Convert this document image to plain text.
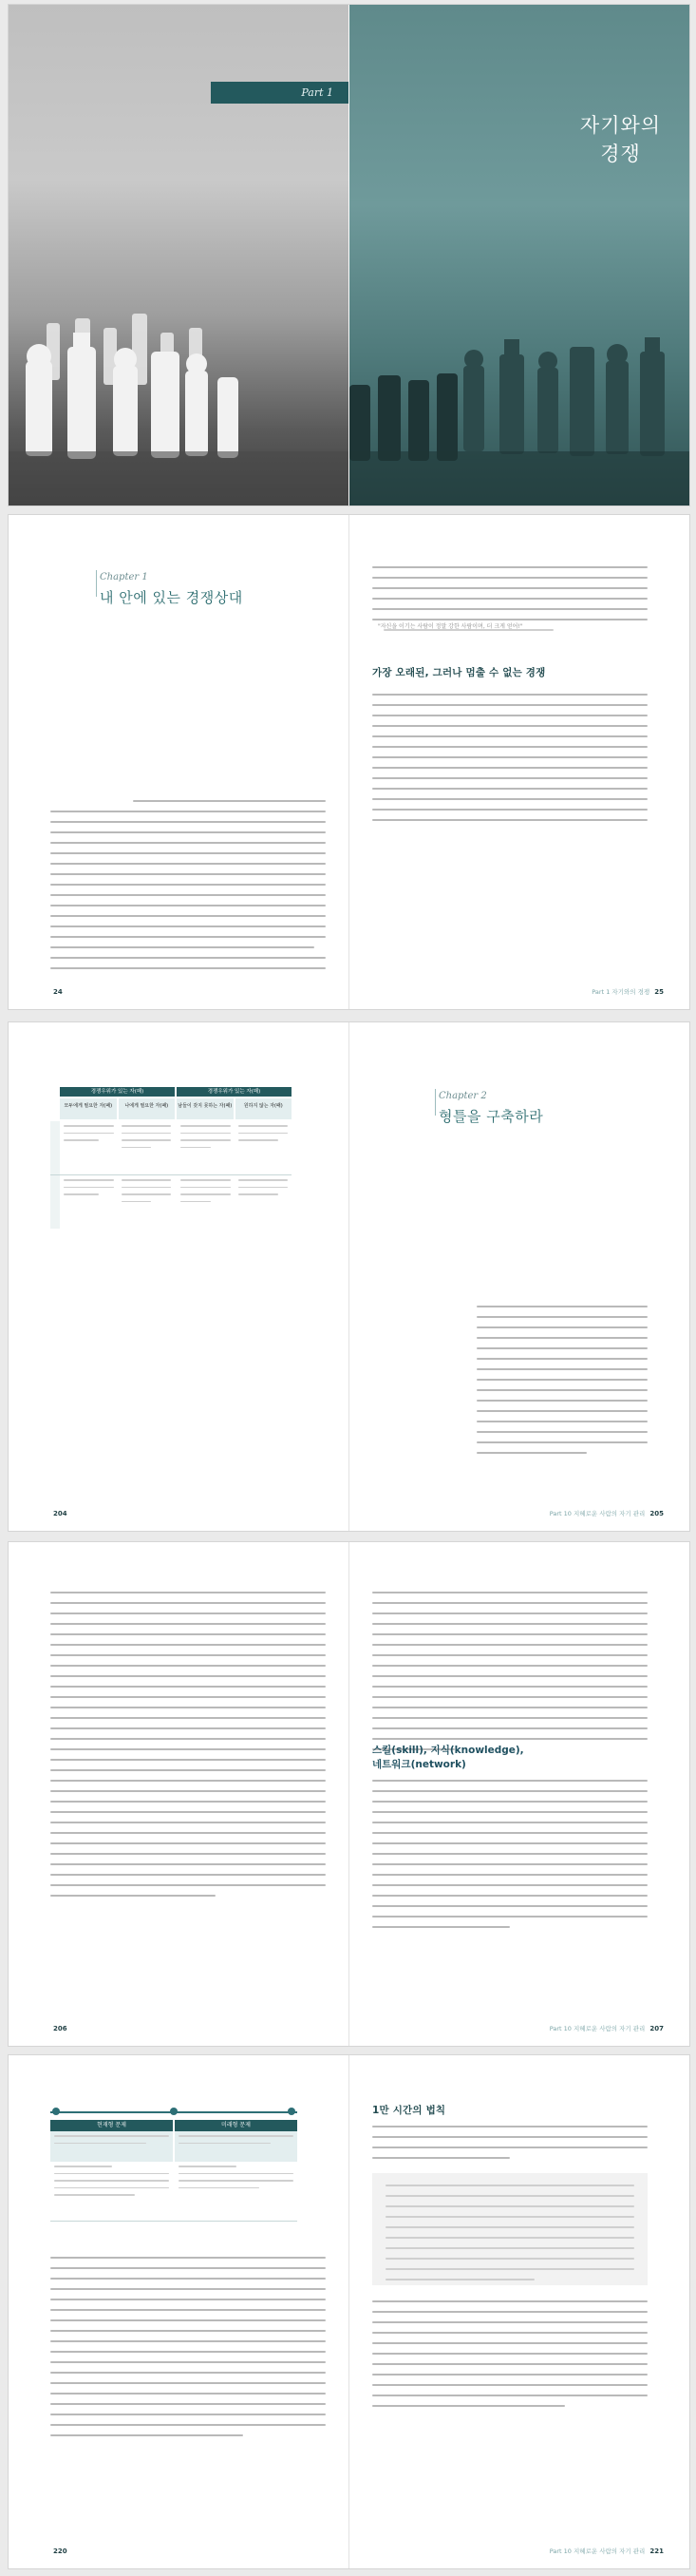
Part 1
자기와의
경쟁
Chapter 1
내 안에 있는 경쟁상대
24
"자신을 이기는 사람이 정말 강한 사람이며, 더 크게 얻어!"
가장 오래된, 그러나 멈출 수 없는 경쟁
Part 1 자기와의 경쟁 25
경쟁우위가 있는 자(패)	경쟁우위가 있는 자(패)
모두에게 필요한 자(패)	나에게 필요한 자(패)	남들이 갖지 못하는 자(패)	원하지 않는 자(패)
204
Chapter 2
형틀을 구축하라
Part 10 지혜로운 사람의 자기 관리 205
206
스킬(skill), 지식(knowledge),
네트워크(network)
Part 10 지혜로운 사람의 자기 관리 207
현재형 문제	미래형 문제
220
1만 시간의 법칙
Part 10 지혜로운 사람의 자기 관리 221
